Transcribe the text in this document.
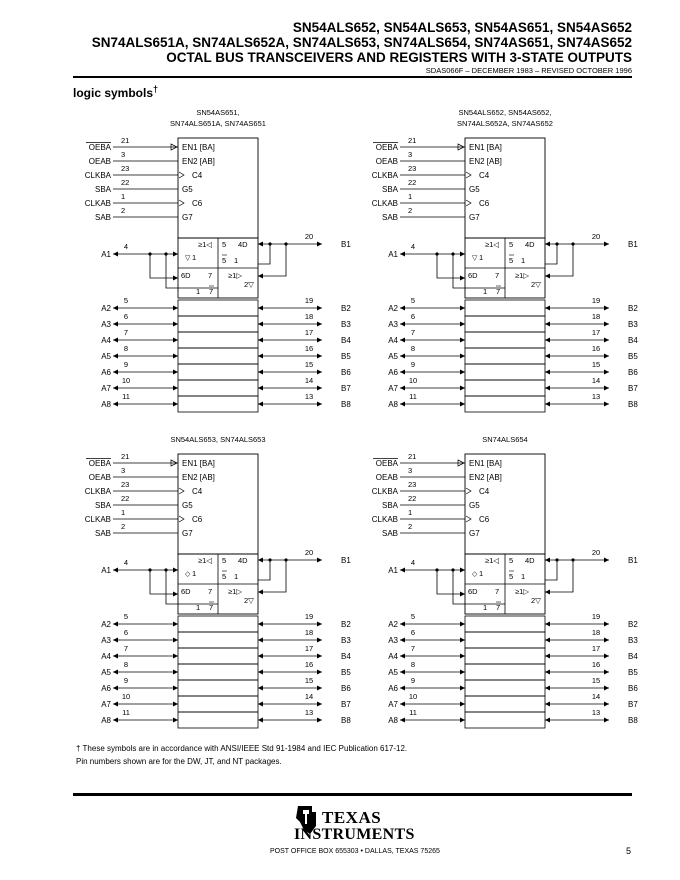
SN54ALS652, SN54ALS653, SN54AS651, SN54AS652
SN74ALS651A, SN74ALS652A, SN74ALS653, SN74ALS654, SN74AS651, SN74AS652
OCTAL BUS TRANSCEIVERS AND REGISTERS WITH 3-STATE OUTPUTS
SDAS066F – DECEMBER 1983 – REVISED OCTOBER 1996
logic symbols†
SN54AS651,
SN74ALS651A, SN74AS651
OEBA
21
EN1 [BA]
OEAB
3
EN2 [AB]
CLKBA
23
C4
SBA
22
G5
CLKAB
1
C6
SAB
2
G7
≥1◁ 5 4D
5 1
▽ 1
6D 7 ≥1▷
1 7
2▽
A1
4	B1
20
A2
5
B2
19
A3
6
B3
18
A4
7
B4
17
A5
8
B5
16
A6
9
B6
15
A7
10
B7
14
A8
11
B8
13
SN54ALS652, SN54AS652,
SN74ALS652A, SN74AS652
OEBA
21
EN1 [BA]
OEAB
3
EN2 [AB]
CLKBA
23
C4
SBA
22
G5
CLKAB
1
C6
SAB
2
G7
≥1◁ 5 4D
5 1
▽ 1
6D 7 ≥1▷
1 7
2▽
A1
4	B1
20
A2
5
B2
19
A3
6
B3
18
A4
7
B4
17
A5
8
B5
16
A6
9
B6
15
A7
10
B7
14
A8
11
B8
13
SN54ALS653, SN74ALS653
OEBA
21
EN1 [BA]
OEAB
3
EN2 [AB]
CLKBA
23
C4
SBA
22
G5
CLKAB
1
C6
SAB
2
G7
≥1◁ 5 4D
5 1
◇ 1
6D 7 ≥1▷
1 7
2▽
A1
4	B1
20
A2
5
B2
19
A3
6
B3
18
A4
7
B4
17
A5
8
B5
16
A6
9
B6
15
A7
10
B7
14
A8
11
B8
13
SN74ALS654
OEBA
21
EN1 [BA]
OEAB
3
EN2 [AB]
CLKBA
23
C4
SBA
22
G5
CLKAB
1
C6
SAB
2
G7
≥1◁ 5 4D
5 1
◇ 1
6D 7 ≥1▷
1 7
2▽
A1
4	B1
20
A2
5
B2
19
A3
6
B3
18
A4
7
B4
17
A5
8
B5
16
A6
9
B6
15
A7
10
B7
14
A8
11
B8
13
† These symbols are in accordance with ANSI/IEEE Std 91-1984 and IEC Publication 617-12.
Pin numbers shown are for the DW, JT, and NT packages.
TEXAS
INSTRUMENTS
POST OFFICE BOX 655303 • DALLAS, TEXAS 75265	5
